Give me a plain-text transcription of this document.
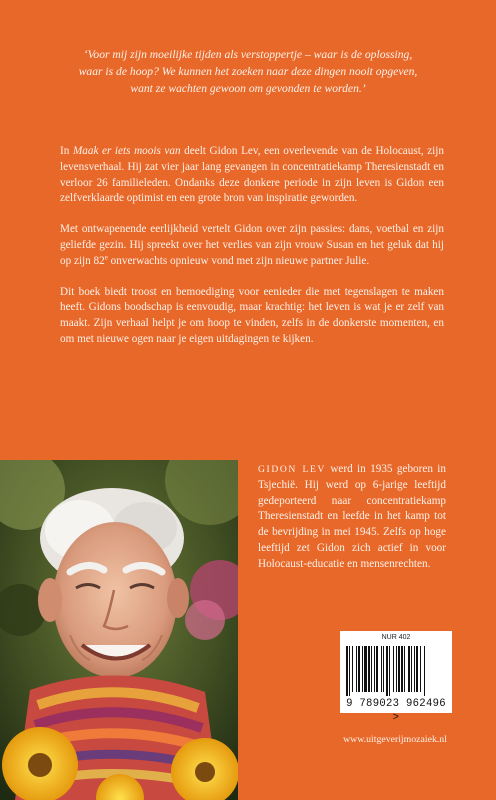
‘Voor mij zijn moeilijke tijden als verstoppertje – waar is de oplossing,
waar is de hoop? We kunnen het zoeken naar deze dingen nooit opgeven,
want ze wachten gewoon om gevonden te worden.’

In Maak er iets moois van deelt Gidon Lev, een overlevende van de Holocaust, zijn levensverhaal. Hij zat vier jaar lang gevangen in concentratiekamp Theresienstadt en verloor 26 familieleden. Ondanks deze donkere periode in zijn leven is Gidon een zelfverklaarde optimist en een grote bron van inspiratie geworden.

Met ontwapenende eerlijkheid vertelt Gidon over zijn passies: dans, voetbal en zijn geliefde gezin. Hij spreekt over het verlies van zijn vrouw Susan en het geluk dat hij op zijn 82e onverwachts opnieuw vond met zijn nieuwe partner Julie.

Dit boek biedt troost en bemoediging voor eenieder die met tegenslagen te maken heeft. Gidons boodschap is eenvoudig, maar krachtig: het leven is wat je er zelf van maakt. Zijn verhaal helpt je om hoop te vinden, zelfs in de donkerste momenten, en om met nieuwe ogen naar je eigen uitdagingen te kijken.

GIDON LEV werd in 1935 geboren in Tsjechië. Hij werd op 6-jarige leeftijd gedeporteerd naar concentratiekamp Theresienstadt en leefde in het kamp tot de bevrijding in mei 1945. Zelfs op hoge leeftijd zet Gidon zich actief in voor Holocaust-educatie en mensenrechten.
NUR 402
9 789023 962496 >
www.uitgeverijmozaiek.nl
